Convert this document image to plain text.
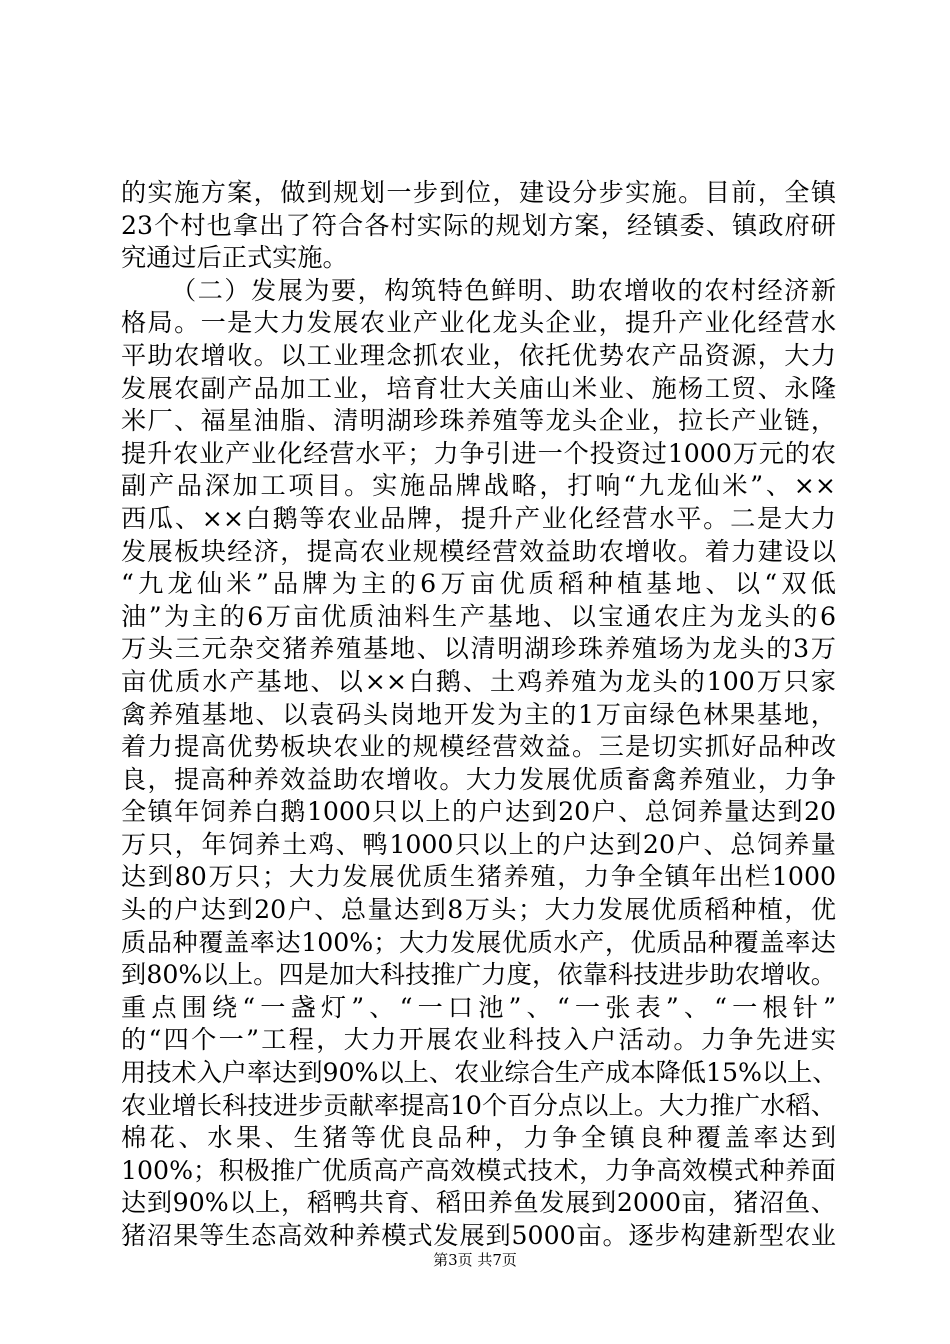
的实施方案，做到规划一步到位，建设分步实施。目前，全镇
23个村也拿出了符合各村实际的规划方案，经镇委、镇政府研
究通过后正式实施。
（二）发展为要，构筑特色鲜明、助农增收的农村经济新
格局。一是大力发展农业产业化龙头企业，提升产业化经营水
平助农增收。以工业理念抓农业，依托优势农产品资源，大力
发展农副产品加工业，培育壮大关庙山米业、施杨工贸、永隆
米厂、福星油脂、清明湖珍珠养殖等龙头企业，拉长产业链，
提升农业产业化经营水平；力争引进一个投资过1000万元的农
副产品深加工项目。实施品牌战略，打响“九龙仙米”、××
西瓜、××白鹅等农业品牌，提升产业化经营水平。二是大力
发展板块经济，提高农业规模经营效益助农增收。着力建设以
“九龙仙米”品牌为主的6万亩优质稻种植基地、以“双低
油”为主的6万亩优质油料生产基地、以宝通农庄为龙头的6
万头三元杂交猪养殖基地、以清明湖珍珠养殖场为龙头的3万
亩优质水产基地、以××白鹅、土鸡养殖为龙头的100万只家
禽养殖基地、以袁码头岗地开发为主的1万亩绿色林果基地，
着力提高优势板块农业的规模经营效益。三是切实抓好品种改
良，提高种养效益助农增收。大力发展优质畜禽养殖业，力争
全镇年饲养白鹅1000只以上的户达到20户、总饲养量达到20
万只，年饲养土鸡、鸭1000只以上的户达到20户、总饲养量
达到80万只；大力发展优质生猪养殖，力争全镇年出栏1000
头的户达到20户、总量达到8万头；大力发展优质稻种植，优
质品种覆盖率达100%；大力发展优质水产，优质品种覆盖率达
到80%以上。四是加大科技推广力度，依靠科技进步助农增收。
重点围绕“一盏灯”、“一口池”、“一张表”、“一根针”
的“四个一”工程，大力开展农业科技入户活动。力争先进实
用技术入户率达到90%以上、农业综合生产成本降低15%以上、
农业增长科技进步贡献率提高10个百分点以上。大力推广水稻、
棉花、水果、生猪等优良品种，力争全镇良种覆盖率达到
100%；积极推广优质高产高效模式技术，力争高效模式种养面
达到90%以上，稻鸭共育、稻田养鱼发展到2000亩，猪沼鱼、
猪沼果等生态高效种养模式发展到5000亩。逐步构建新型农业
第3页 共7页
